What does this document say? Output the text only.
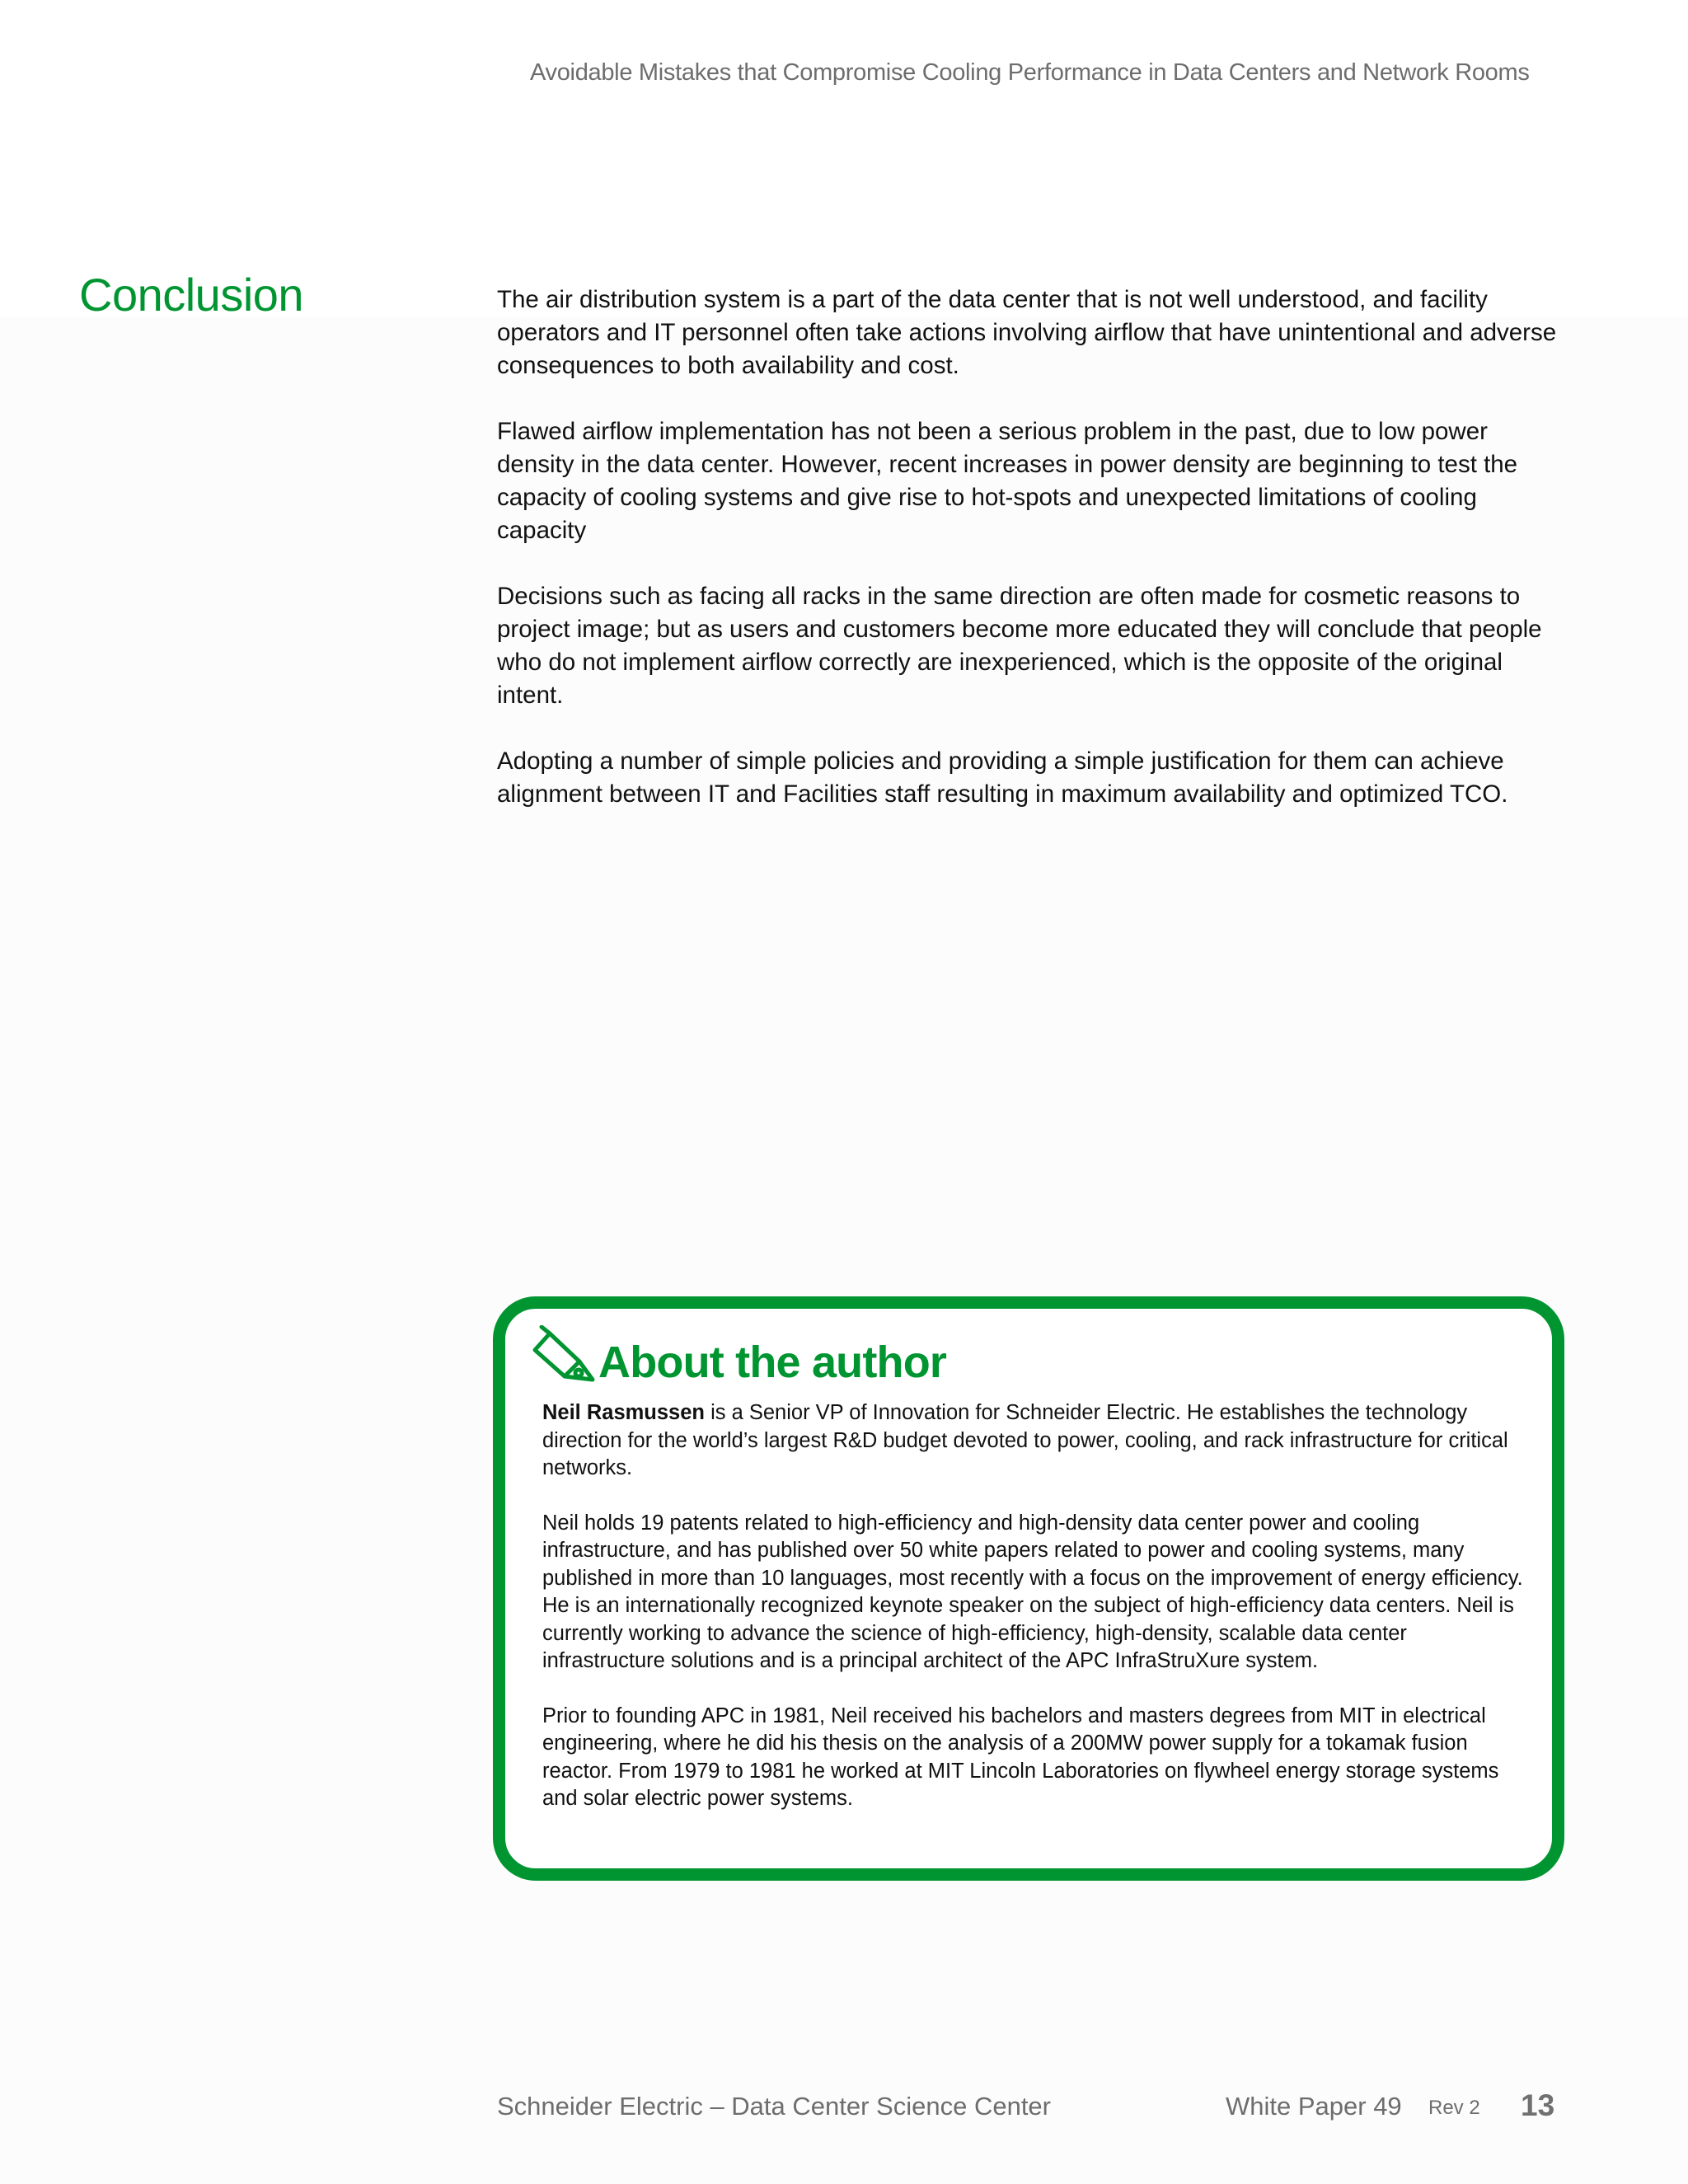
Avoidable Mistakes that Compromise Cooling Performance in Data Centers and Network Rooms
Conclusion	The air distribution system is a part of the data center that is not well understood, and facility operators and IT personnel often take actions involving airflow that have unintentional and adverse consequences to both availability and cost.

Flawed airflow implementation has not been a serious problem in the past, due to low power density in the data center. However, recent increases in power density are beginning to test the capacity of cooling systems and give rise to hot-spots and unexpected limitations of cooling capacity

Decisions such as facing all racks in the same direction are often made for cosmetic reasons to project image; but as users and customers become more educated they will conclude that people who do not implement airflow correctly are inexperienced, which is the opposite of the original intent.

Adopting a number of simple policies and providing a simple justification for them can achieve alignment between IT and Facilities staff resulting in maximum availability and optimized TCO.

About the author

Neil Rasmussen is a Senior VP of Innovation for Schneider Electric. He establishes the technology direction for the world’s largest R&D budget devoted to power, cooling, and rack infrastructure for critical networks.

Neil holds 19 patents related to high-efficiency and high-density data center power and cooling infrastructure, and has published over 50 white papers related to power and cooling systems, many published in more than 10 languages, most recently with a focus on the improvement of energy efficiency. He is an internationally recognized keynote speaker on the subject of high-efficiency data centers. Neil is currently working to advance the science of high-efficiency, high-density, scalable data center infrastructure solutions and is a principal architect of the APC InfraStruXure system.

Prior to founding APC in 1981, Neil received his bachelors and masters degrees from MIT in electrical engineering, where he did his thesis on the analysis of a 200MW power supply for a tokamak fusion reactor. From 1979 to 1981 he worked at MIT Lincoln Laboratories on flywheel energy storage systems and solar electric power systems.

Schneider Electric – Data Center Science Center	White Paper 49 Rev 2 13
